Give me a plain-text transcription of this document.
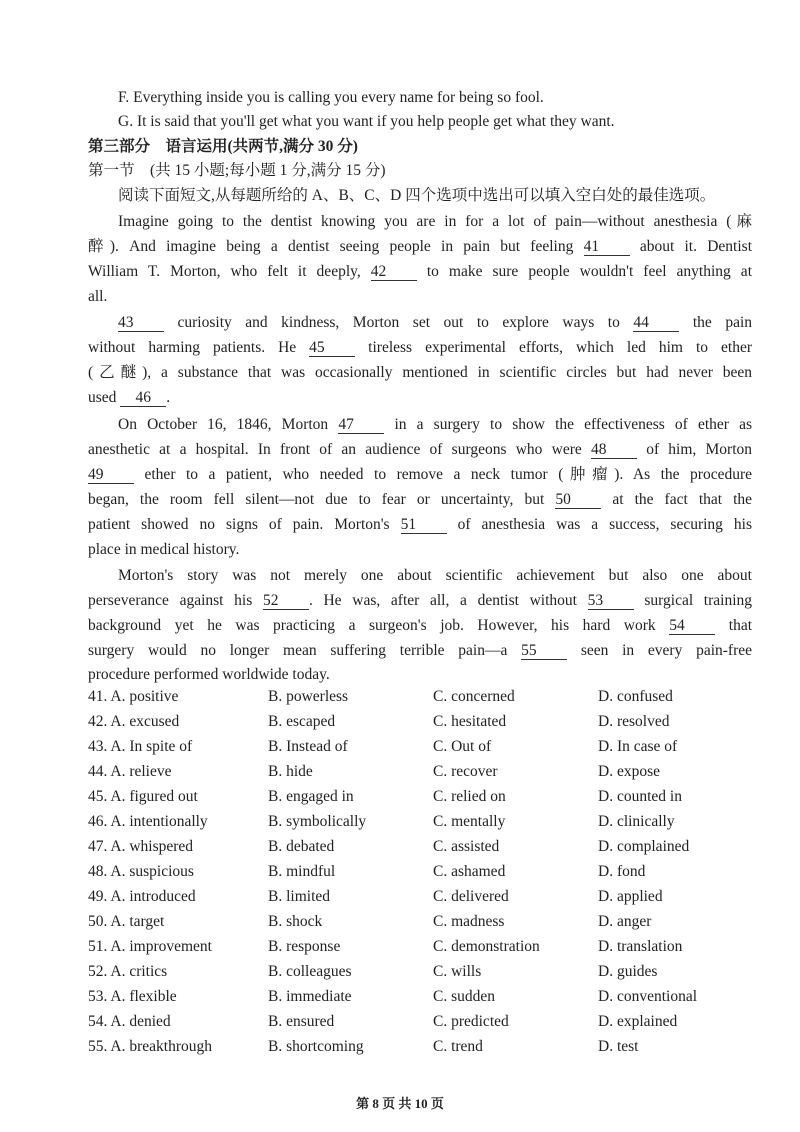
F. Everything inside you is calling you every name for being so fool.
G. It is said that you'll get what you want if you help people get what they want.
第三部分　语言运用(共两节,满分 30 分)
第一节　(共 15 小题;每小题 1 分,满分 15 分)
阅读下面短文,从每题所给的 A、B、C、D 四个选项中选出可以填入空白处的最佳选项。
Imagine going to the dentist knowing you are in for a lot of pain—without anesthesia (麻
醉). And imagine being a dentist seeing people in pain but feeling 41	about it. Dentist
William T. Morton, who felt it deeply, 42	to make sure people wouldn't feel anything at
all.
43	curiosity and kindness, Morton set out to explore ways to 44	the pain
without harming patients. He 45	tireless experimental efforts, which led him to ether
(乙醚), a substance that was occasionally mentioned in scientific circles but had never been
used 46 .
On October 16, 1846, Morton 47	in a surgery to show the effectiveness of ether as
anesthetic at a hospital. In front of an audience of surgeons who were 48	of him, Morton
49	ether to a patient, who needed to remove a neck tumor (肿瘤). As the procedure
began, the room fell silent—not due to fear or uncertainty, but 50	at the fact that the
patient showed no signs of pain. Morton's 51	of anesthesia was a success, securing his
place in medical history.
Morton's story was not merely one about scientific achievement but also one about
perseverance against his 52 . He was, after all, a dentist without 53	surgical training
background yet he was practicing a surgeon's job. However, his hard work 54	that
surgery would no longer mean suffering terrible pain—a 55	seen in every pain-free
procedure performed worldwide today.
41. A. positive	B. powerless	C. concerned	D. confused
42. A. excused	B. escaped	C. hesitated	D. resolved
43. A. In spite of	B. Instead of	C. Out of	D. In case of
44. A. relieve	B. hide	C. recover	D. expose
45. A. figured out	B. engaged in	C. relied on	D. counted in
46. A. intentionally	B. symbolically	C. mentally	D. clinically
47. A. whispered	B. debated	C. assisted	D. complained
48. A. suspicious	B. mindful	C. ashamed	D. fond
49. A. introduced	B. limited	C. delivered	D. applied
50. A. target	B. shock	C. madness	D. anger
51. A. improvement	B. response	C. demonstration	D. translation
52. A. critics	B. colleagues	C. wills	D. guides
53. A. flexible	B. immediate	C. sudden	D. conventional
54. A. denied	B. ensured	C. predicted	D. explained
55. A. breakthrough	B. shortcoming	C. trend	D. test
第 8 页 共 10 页
